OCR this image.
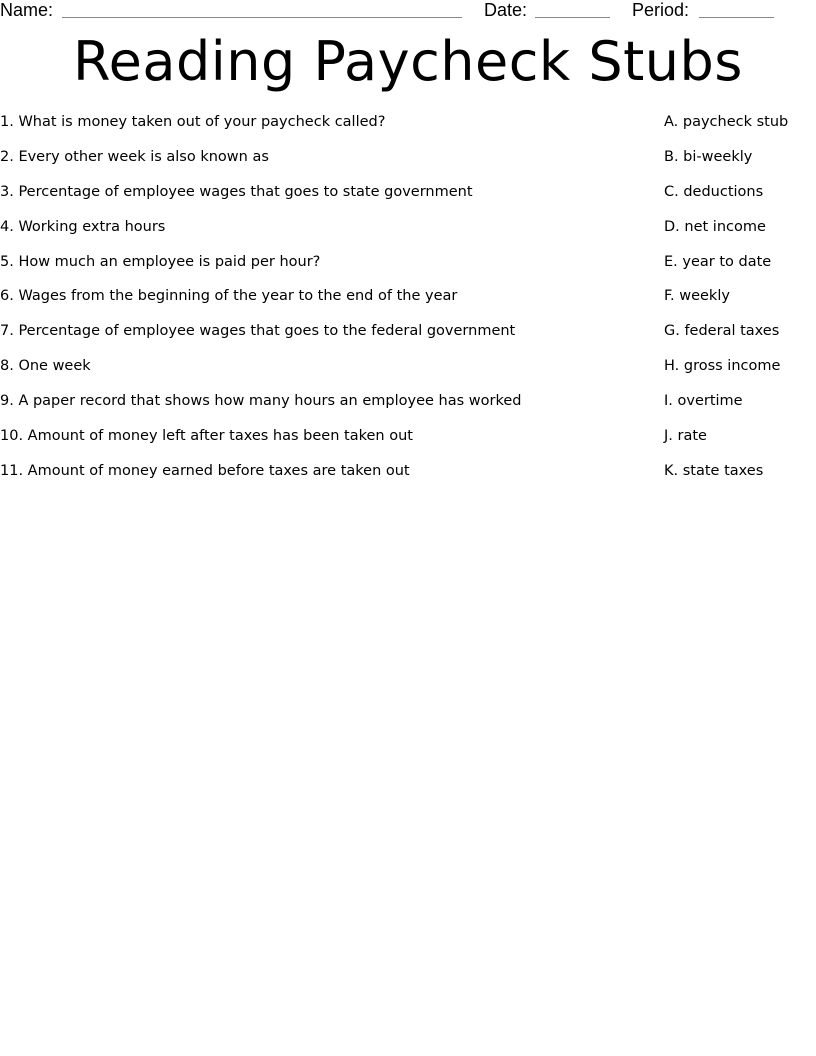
Name:	Date:	Period:
Reading Paycheck Stubs
1. What is money taken out of your paycheck called?
2. Every other week is also known as
3. Percentage of employee wages that goes to state government
4. Working extra hours
5. How much an employee is paid per hour?
6. Wages from the beginning of the year to the end of the year
7. Percentage of employee wages that goes to the federal government
8. One week
9. A paper record that shows how many hours an employee has worked
10. Amount of money left after taxes has been taken out
11. Amount of money earned before taxes are taken out
A. paycheck stub
B. bi-weekly
C. deductions
D. net income
E. year to date
F. weekly
G. federal taxes
H. gross income
I. overtime
J. rate
K. state taxes
